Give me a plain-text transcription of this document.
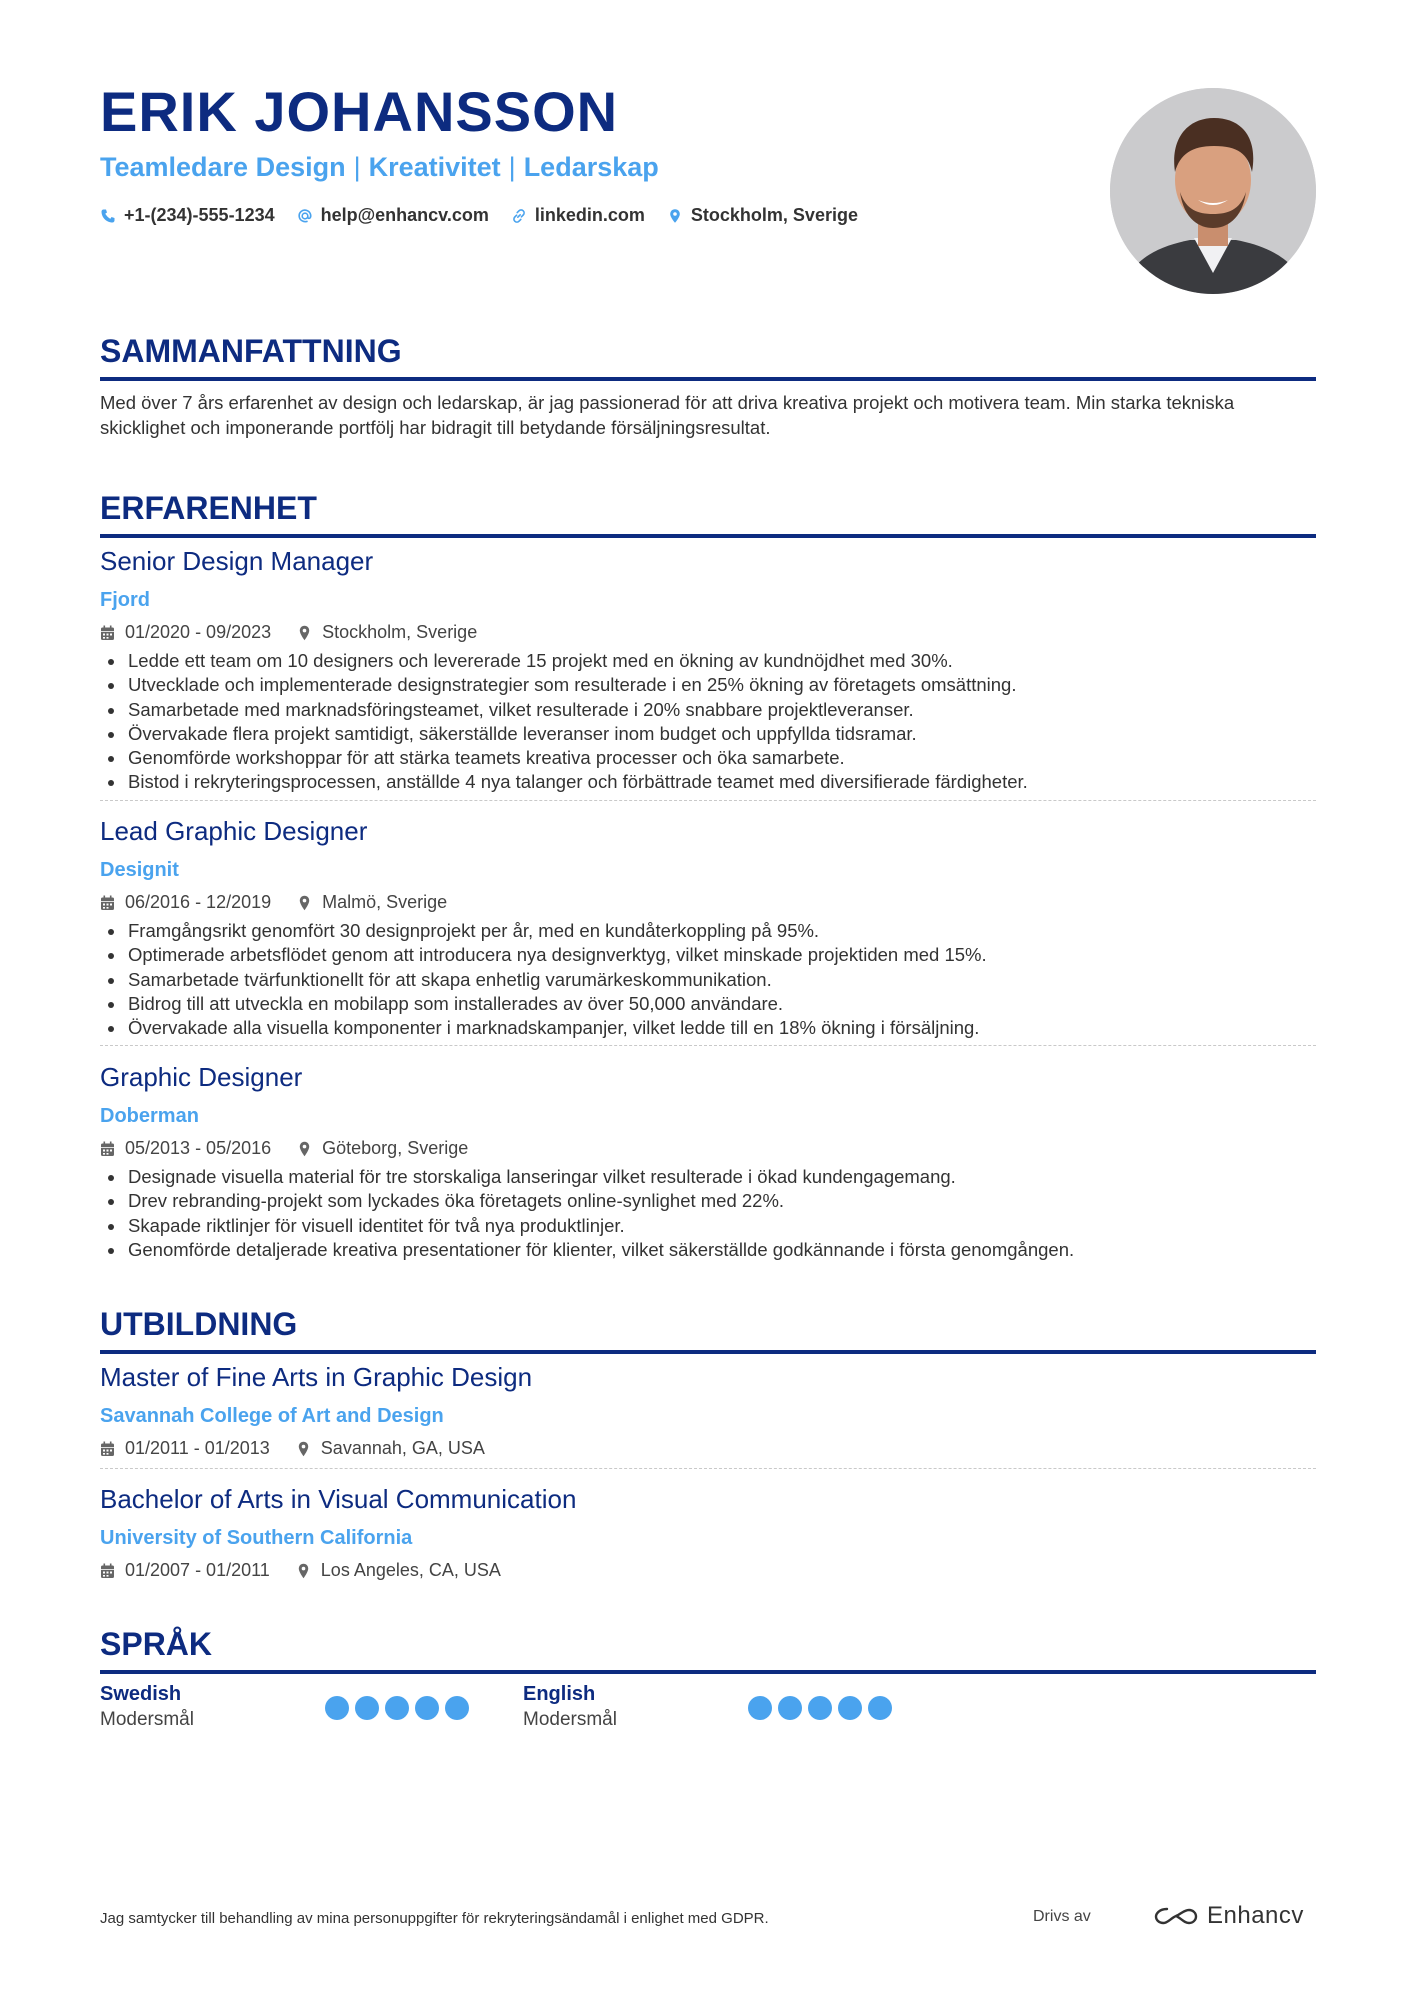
ERIK JOHANSSON
Teamledare Design | Kreativitet | Ledarskap
+1-(234)-555-1234	help@enhancv.com	linkedin.com	Stockholm, Sverige
SAMMANFATTNING

Med över 7 års erfarenhet av design och ledarskap, är jag passionerad för att driva kreativa projekt och motivera team. Min starka tekniska skicklighet och imponerande portfölj har bidragit till betydande försäljningsresultat.

ERFARENHET
Senior Design Manager
Fjord
01/2020 - 09/2023	Stockholm, Sverige
Ledde ett team om 10 designers och levererade 15 projekt med en ökning av kundnöjdhet med 30%.
Utvecklade och implementerade designstrategier som resulterade i en 25% ökning av företagets omsättning.
Samarbetade med marknadsföringsteamet, vilket resulterade i 20% snabbare projektleveranser.
Övervakade flera projekt samtidigt, säkerställde leveranser inom budget och uppfyllda tidsramar.
Genomförde workshoppar för att stärka teamets kreativa processer och öka samarbete.
Bistod i rekryteringsprocessen, anställde 4 nya talanger och förbättrade teamet med diversifierade färdigheter.
Lead Graphic Designer
Designit
06/2016 - 12/2019	Malmö, Sverige
Framgångsrikt genomfört 30 designprojekt per år, med en kundåterkoppling på 95%.
Optimerade arbetsflödet genom att introducera nya designverktyg, vilket minskade projektiden med 15%.
Samarbetade tvärfunktionellt för att skapa enhetlig varumärkeskommunikation.
Bidrog till att utveckla en mobilapp som installerades av över 50,000 användare.
Övervakade alla visuella komponenter i marknadskampanjer, vilket ledde till en 18% ökning i försäljning.
Graphic Designer
Doberman
05/2013 - 05/2016	Göteborg, Sverige
Designade visuella material för tre storskaliga lanseringar vilket resulterade i ökad kundengagemang.
Drev rebranding-projekt som lyckades öka företagets online-synlighet med 22%.
Skapade riktlinjer för visuell identitet för två nya produktlinjer.
Genomförde detaljerade kreativa presentationer för klienter, vilket säkerställde godkännande i första genomgången.
UTBILDNING
Master of Fine Arts in Graphic Design
Savannah College of Art and Design
01/2011 - 01/2013	Savannah, GA, USA
Bachelor of Arts in Visual Communication
University of Southern California
01/2007 - 01/2011	Los Angeles, CA, USA
SPRÅK
Swedish
Modersmål
English
Modersmål
Jag samtycker till behandling av mina personuppgifter för rekryteringsändamål i enlighet med GDPR.	Drivs av	Enhancv
